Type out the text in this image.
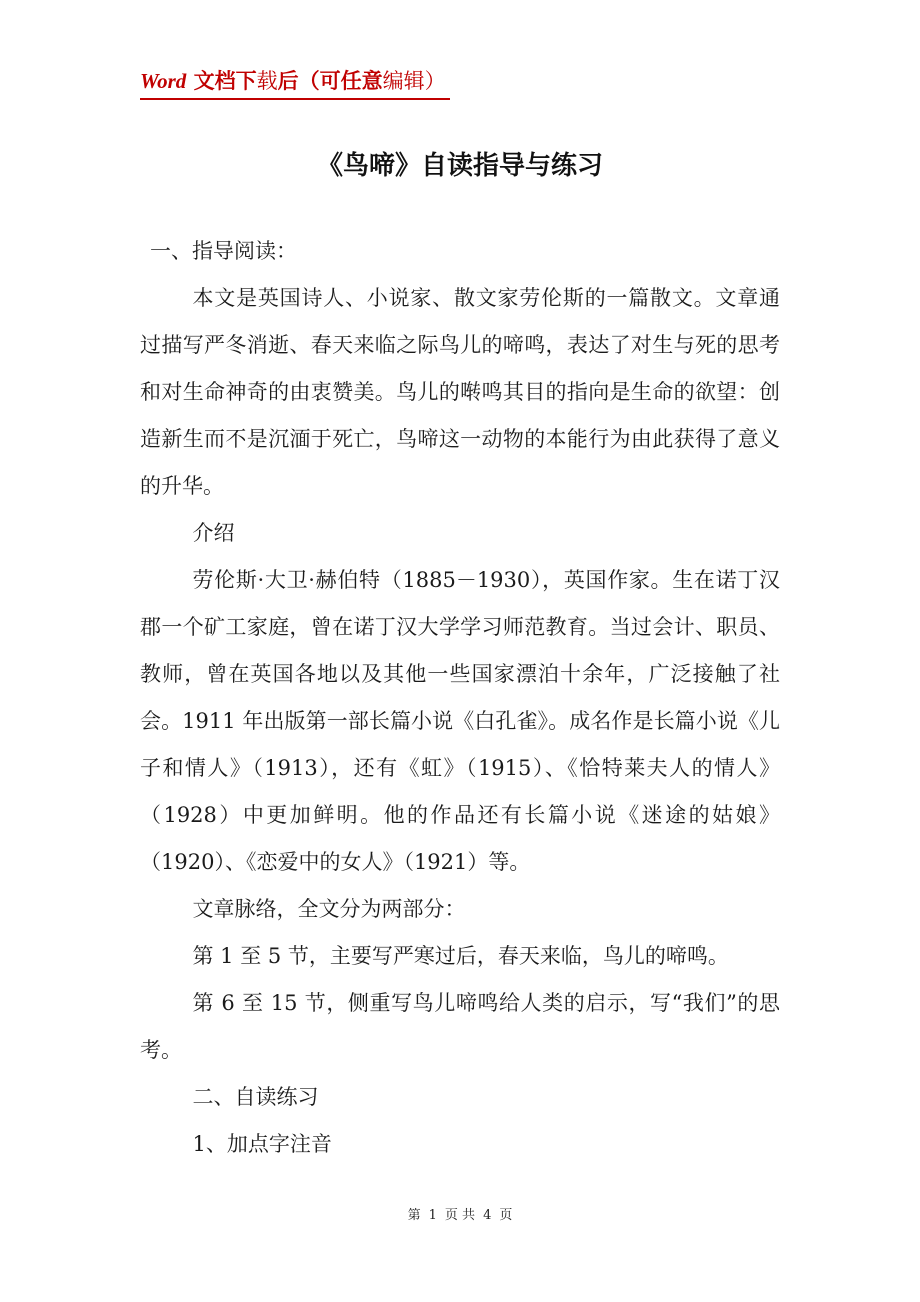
Word 文档下载后（可任意编辑）
《鸟啼》自读指导与练习

一、指导阅读：

本文是英国诗人、小说家、散文家劳伦斯的一篇散文。文章通过描写严冬消逝、春天来临之际鸟儿的啼鸣，表达了对生与死的思考和对生命神奇的由衷赞美。鸟儿的啭鸣其目的指向是生命的欲望：创造新生而不是沉湎于死亡，鸟啼这一动物的本能行为由此获得了意义的升华。

介绍

劳伦斯·大卫·赫伯特（1885－1930），英国作家。生在诺丁汉郡一个矿工家庭，曾在诺丁汉大学学习师范教育。当过会计、职员、教师，曾在英国各地以及其他一些国家漂泊十余年，广泛接触了社会。1911 年出版第一部长篇小说《白孔雀》。成名作是长篇小说《儿子和情人》（1913），还有《虹》（1915）、《恰特莱夫人的情人》（1928）中更加鲜明。他的作品还有长篇小说《迷途的姑娘》（1920）、《恋爱中的女人》（1921）等。

文章脉络，全文分为两部分：

第 1 至 5 节，主要写严寒过后，春天来临，鸟儿的啼鸣。

第 6 至 15 节，侧重写鸟儿啼鸣给人类的启示，写“我们”的思考。

二、自读练习

1、加点字注音

第 1 页 共 4 页
